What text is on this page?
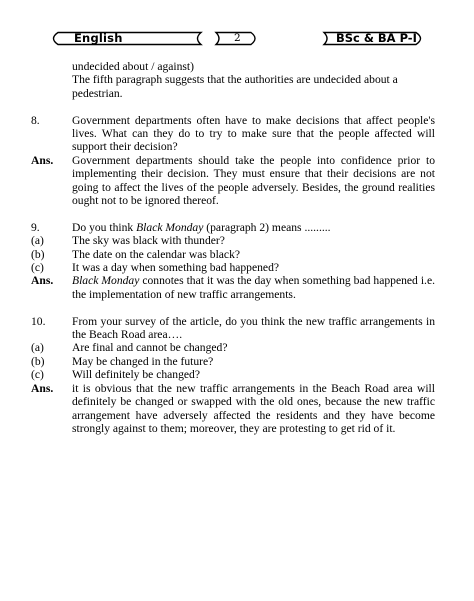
English	2	BSc & BA P-I
undecided about / against)
The fifth paragraph suggests that the authorities are undecided about a pedestrian.
8.	Government departments often have to make decisions that affect people's lives. What can they do to try to make sure that the people affected will support their decision?
Ans.	Government departments should take the people into confidence prior to implementing their decision. They must ensure that their decisions are not going to affect the lives of the people adversely. Besides, the ground realities ought not to be ignored thereof.
9.	Do you think Black Monday (paragraph 2) means .........
(a)	The sky was black with thunder?
(b)	The date on the calendar was black?
(c)	It was a day when something bad happened?
Ans.	Black Monday connotes that it was the day when something bad happened i.e. the implementation of new traffic arrangements.
10.	From your survey of the article, do you think the new traffic arrangements in the Beach Road area….
(a)	Are final and cannot be changed?
(b)	May be changed in the future?
(c)	Will definitely be changed?
Ans.	it is obvious that the new traffic arrangements in the Beach Road area will definitely be changed or swapped with the old ones, because the new traffic arrangement have adversely affected the residents and they have become strongly against to them; moreover, they are protesting to get rid of it.
